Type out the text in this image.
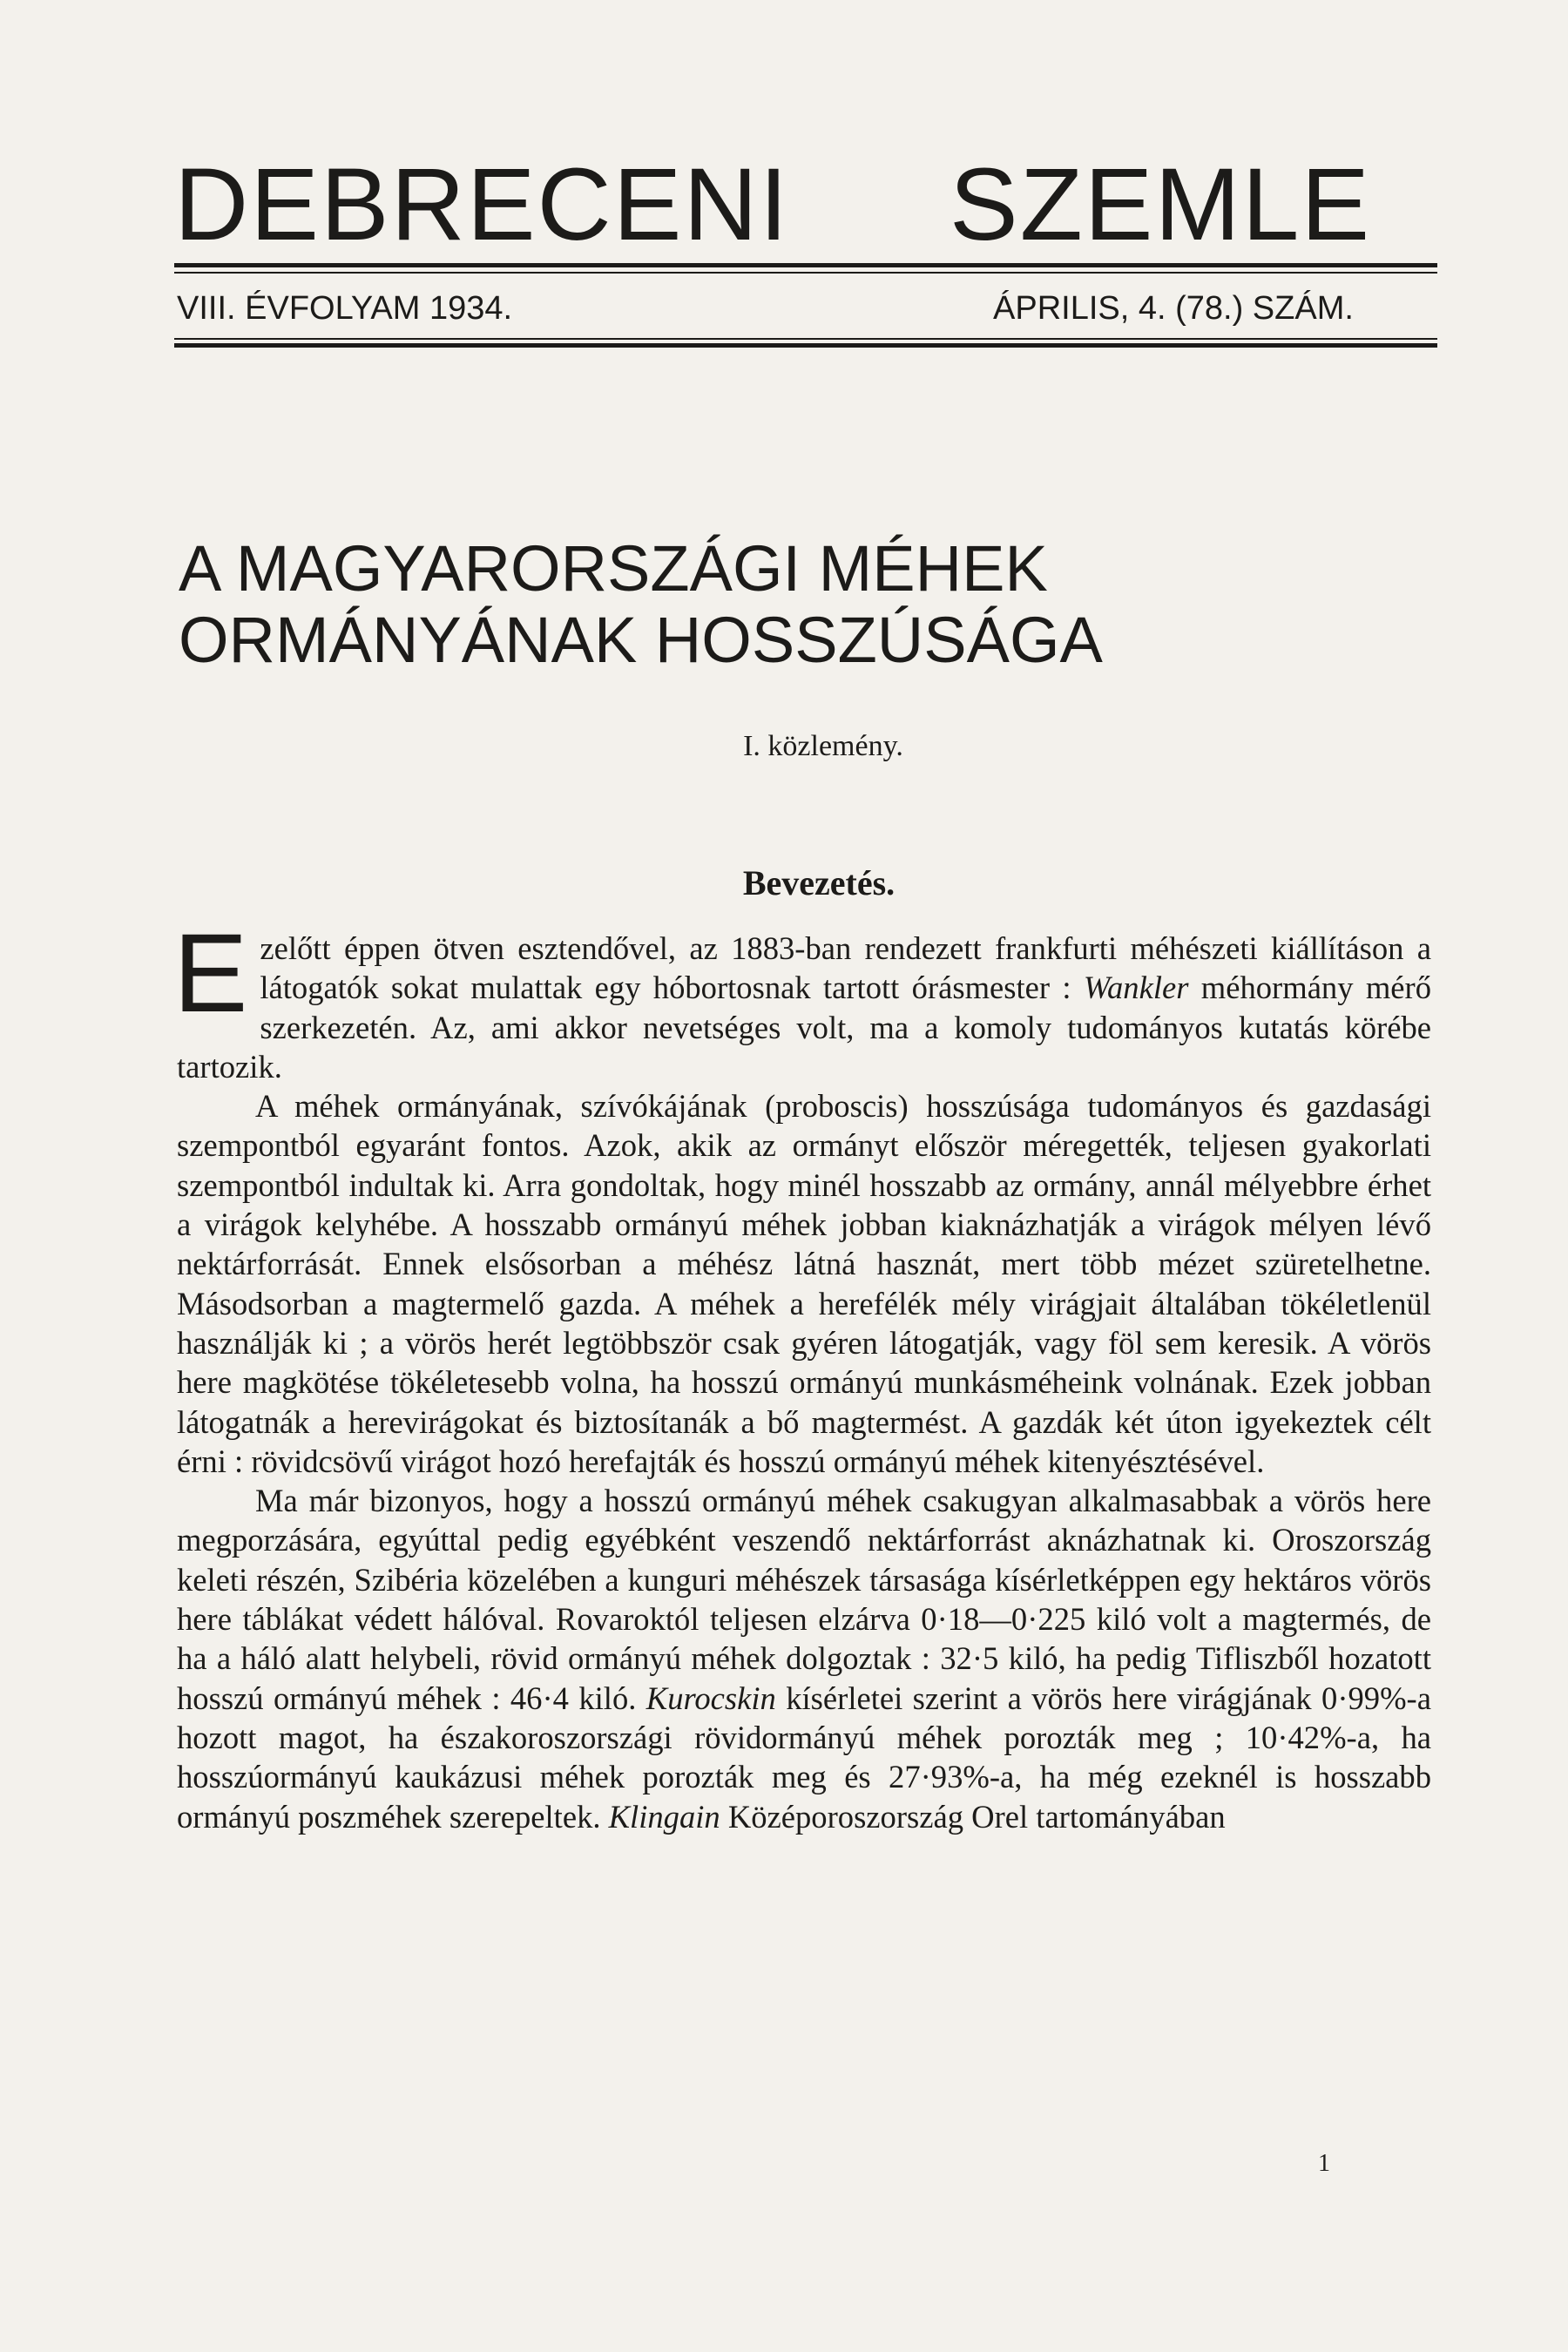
DEBRECENI SZEMLE
VIII. ÉVFOLYAM 1934.	ÁPRILIS, 4. (78.) SZÁM.
A MAGYARORSZÁGI MÉHEK
ORMÁNYÁNAK HOSSZÚSÁGA
I. közlemény.
Bevezetés.

Ezelőtt éppen ötven esztendővel, az 1883-ban rendezett frankfurti méhészeti kiállításon a látogatók sokat mulattak egy hóbortosnak tartott órásmester : Wankler méhormány mérő szerkezetén. Az, ami akkor nevetséges volt, ma a komoly tudományos kutatás körébe tartozik.

A méhek ormányának, szívókájának (proboscis) hosszúsága tudományos és gazdasági szempontból egyaránt fontos. Azok, akik az ormányt először méregették, teljesen gyakorlati szempontból indultak ki. Arra gondoltak, hogy minél hosszabb az ormány, annál mélyebbre érhet a virágok kelyhébe. A hosszabb ormányú méhek jobban kiaknázhatják a virágok mélyen lévő nektárforrását. Ennek elsősorban a méhész látná hasznát, mert több mézet szüretelhetne. Másodsorban a magtermelő gazda. A méhek a herefélék mély virágjait általában tökéletlenül használják ki ; a vörös herét legtöbbször csak gyéren látogatják, vagy föl sem keresik. A vörös here magkötése tökéletesebb volna, ha hosszú ormányú munkásméheink volnának. Ezek jobban látogatnák a herevirágokat és biztosítanák a bő magtermést. A gazdák két úton igyekeztek célt érni : rövidcsövű virágot hozó herefajták és hosszú ormányú méhek kitenyésztésével.

Ma már bizonyos, hogy a hosszú ormányú méhek csakugyan alkalmasabbak a vörös here megporzására, egyúttal pedig egyébként veszendő nektárforrást aknázhatnak ki. Oroszország keleti részén, Szibéria közelében a kunguri méhészek társasága kísérletképpen egy hektáros vörös here táblákat védett hálóval. Rovaroktól teljesen elzárva 0·18—0·225 kiló volt a magtermés, de ha a háló alatt helybeli, rövid ormányú méhek dolgoztak : 32·5 kiló, ha pedig Tifliszből hozatott hosszú ormányú méhek : 46·4 kiló. Kurocskin kísérletei szerint a vörös here virágjának 0·99%-a hozott magot, ha északoroszországi rövidormányú méhek porozták meg ; 10·42%-a, ha hosszúormányú kaukázusi méhek porozták meg és 27·93%-a, ha még ezeknél is hosszabb ormányú poszméhek szerepeltek. Klingain Középoroszország Orel tartományában

1
